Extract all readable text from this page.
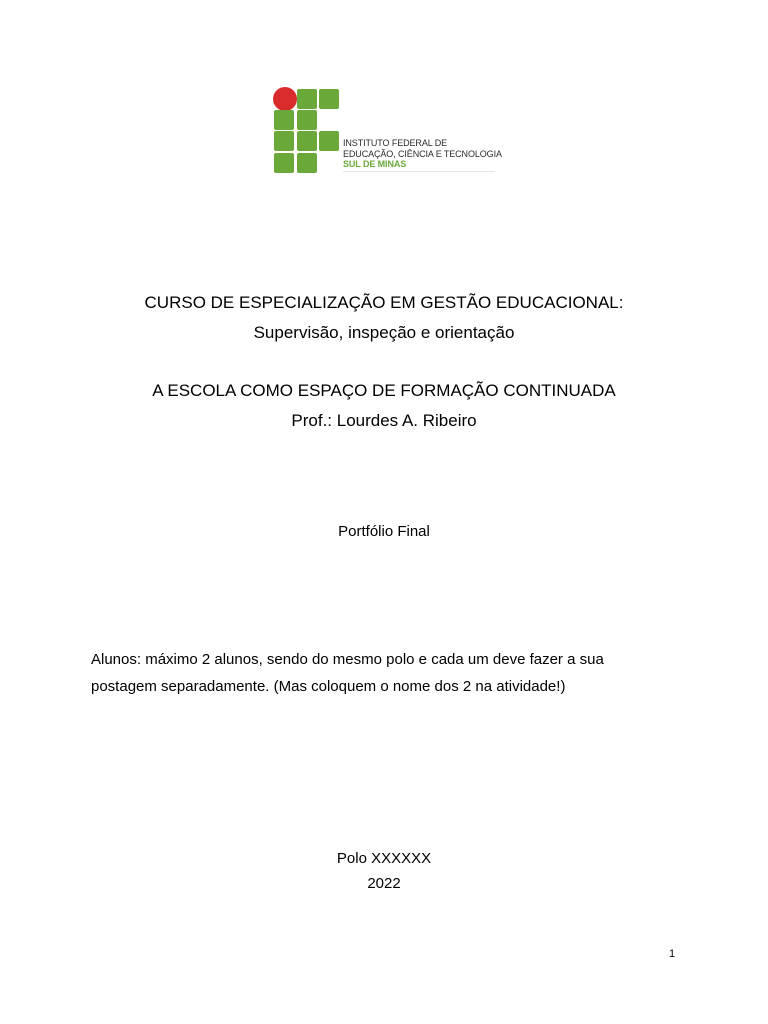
INSTITUTO FEDERAL DE
EDUCAÇÃO, CIÊNCIA E TECNOLOGIA
SUL DE MINAS
CURSO DE ESPECIALIZAÇÃO EM GESTÃO EDUCACIONAL:
Supervisão, inspeção e orientação
A ESCOLA COMO ESPAÇO DE FORMAÇÃO CONTINUADA
Prof.: Lourdes A. Ribeiro
Portfólio Final
Alunos: máximo 2 alunos, sendo do mesmo polo e cada um deve fazer a sua postagem separadamente. (Mas coloquem o nome dos 2 na atividade!)
Polo XXXXXX
2022
1
